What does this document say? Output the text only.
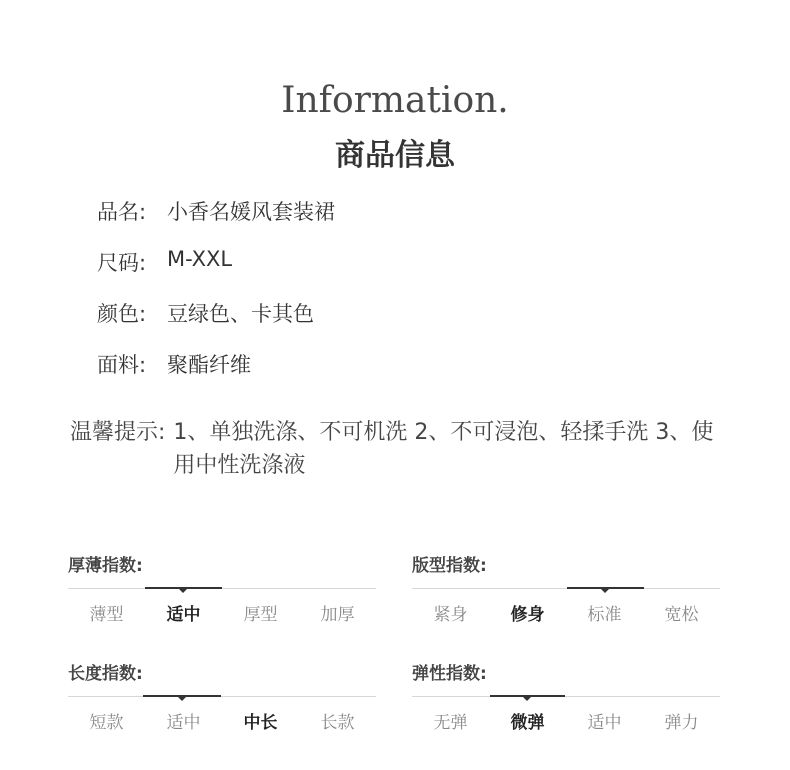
Information.
商品信息
品名: 小香名媛风套装裙
尺码: M-XXL
颜色: 豆绿色、卡其色
面料: 聚酯纤维
温馨提示: 1、单独洗涤、不可机洗 2、不可浸泡、轻揉手洗 3、使用中性洗涤液
厚薄指数:
薄型	适中	厚型	加厚
版型指数:
紧身	修身	标准	宽松
长度指数:
短款	适中	中长	长款
弹性指数:
无弹	微弹	适中	弹力
